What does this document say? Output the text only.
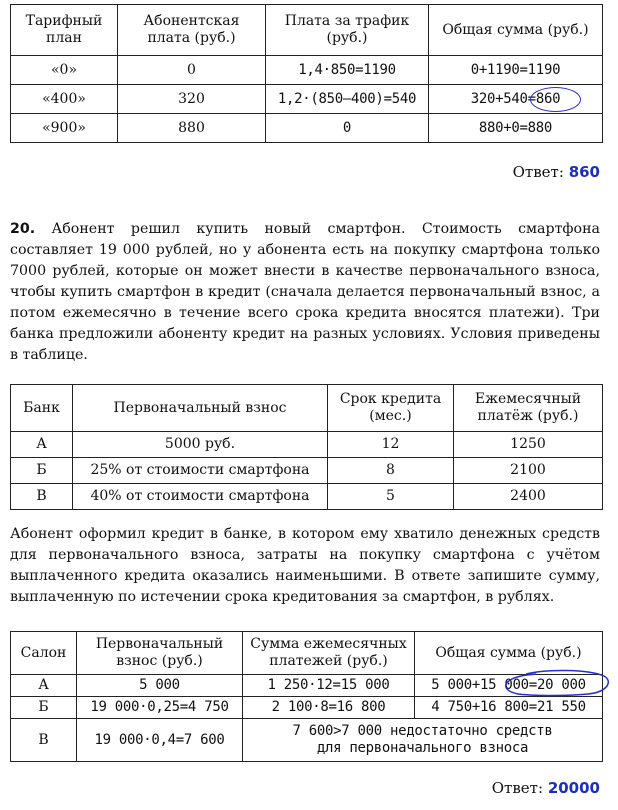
Тарифный план	Абонентская плата (руб.)	Плата за трафик (руб.)	Общая сумма (руб.)
«0»	0	1,4·850=1190	0+1190=1190
«400»	320	1,2·(850–400)=540	320+540=860

«900»	880	0	880+0=880
Ответ: 860

20. Абонент решил купить новый смартфон. Стоимость смартфона составляет 19 000 рублей, но у абонента есть на покупку смартфона только 7000 рублей, которые он может внести в качестве первоначального взноса, чтобы купить смартфон в кредит (сначала делается первоначальный взнос, а потом ежемесячно в течение всего срока кредита вносятся платежи). Три банка предложили абоненту кредит на разных условиях. Условия приведены в таблице.

Банк	Первоначальный взнос	Срок кредита (мес.)	Ежемесячный платёж (руб.)
А	5000 руб.	12	1250
Б	25% от стоимости смартфона	8	2100
В	40% от стоимости смартфона	5	2400

Абонент оформил кредит в банке, в котором ему хватило денежных средств для первоначального взноса, затраты на покупку смартфона с учётом выплаченного кредита оказались наименьшими. В ответе запишите сумму, выплаченную по истечении срока кредитования за смартфон, в рублях.

Салон	Первоначальный взнос (руб.)	Сумма ежемесячных платежей (руб.)	Общая сумма (руб.)
А	5 000	1 250·12=15 000	5 000+15 000=20 000
Б	19 000·0,25=4 750	2 100·8=16 800	4 750+16 800=21 550
В	19 000·0,4=7 600	7 600>7 000 недостаточно средств
для первоначального взноса	
Ответ: 20000
